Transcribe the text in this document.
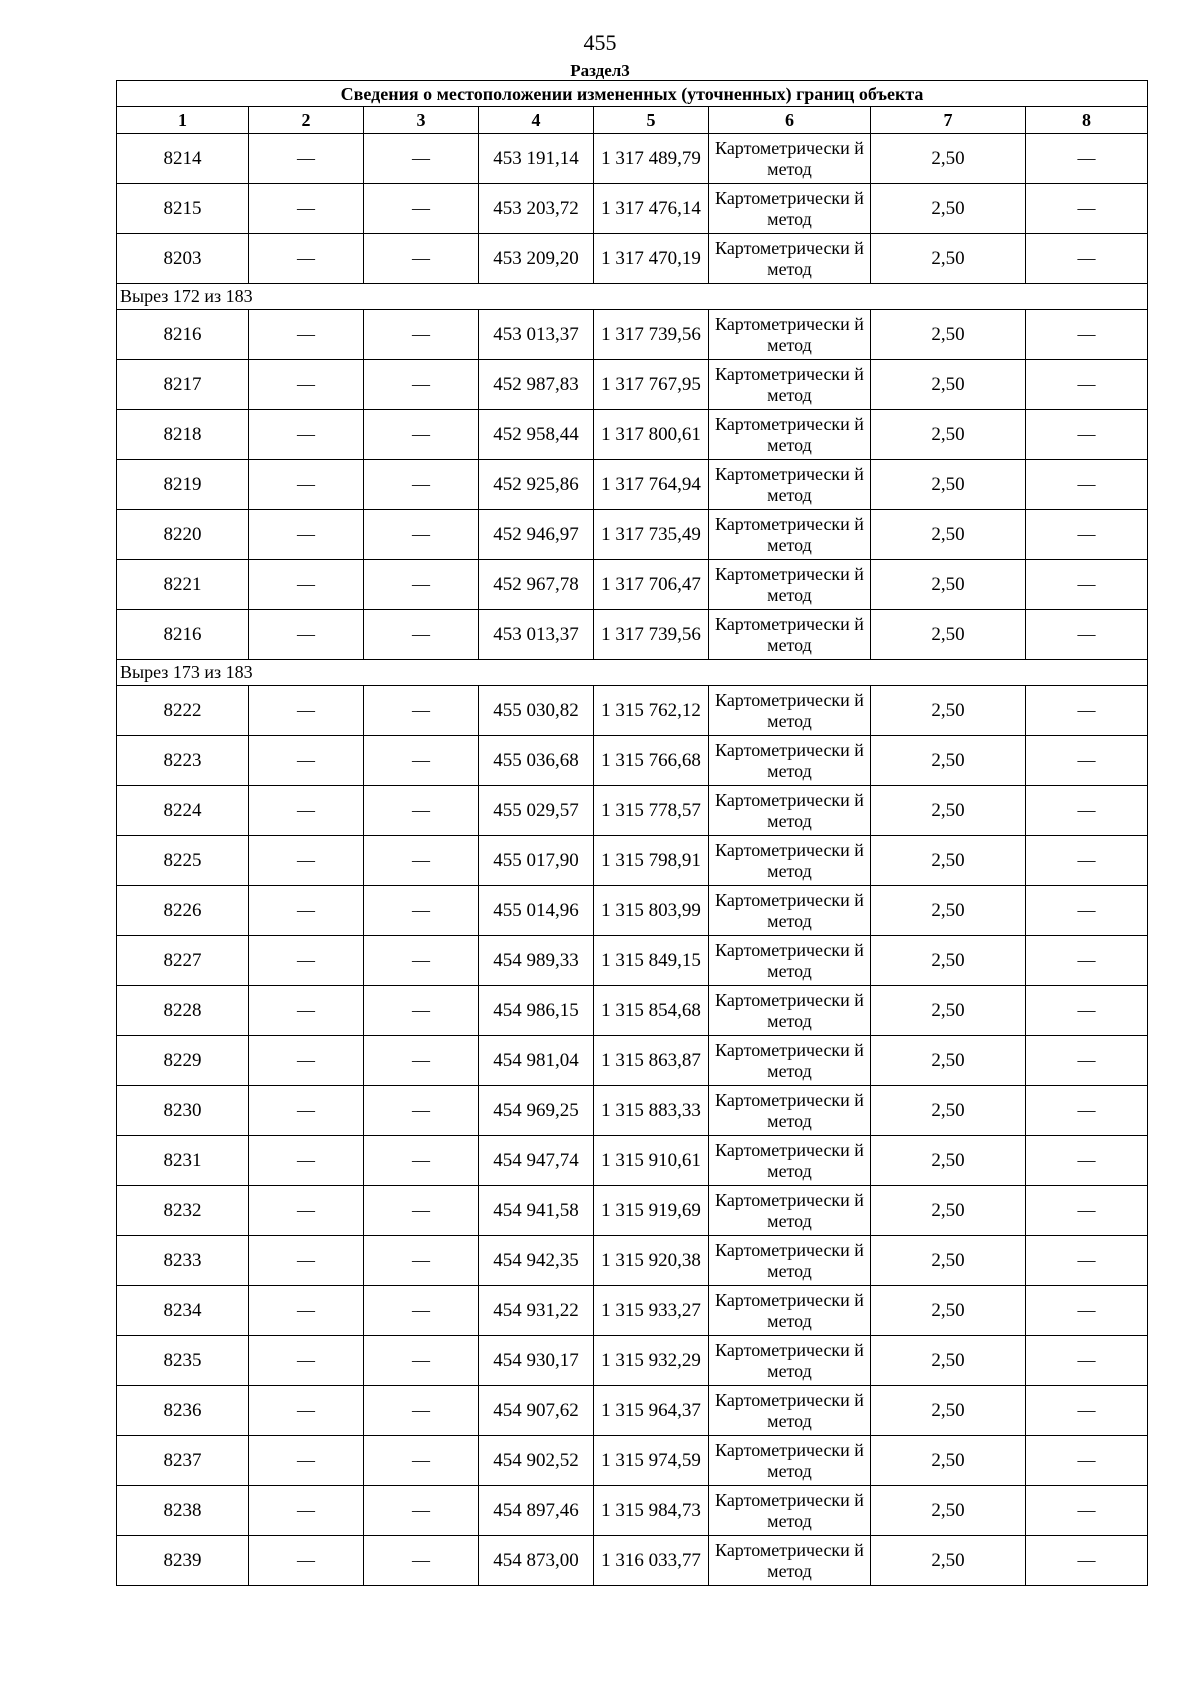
455
Раздел3
Сведения о местоположении измененных (уточненных) границ объекта							
1	2	3	4	5	6	7	8
8214	—	—	453 191,14	1 317 489,79	Картометрически й метод	2,50	—
8215	—	—	453 203,72	1 317 476,14	Картометрически й метод	2,50	—
8203	—	—	453 209,20	1 317 470,19	Картометрически й метод	2,50	—
Вырез 172 из 183							
8216	—	—	453 013,37	1 317 739,56	Картометрически й метод	2,50	—
8217	—	—	452 987,83	1 317 767,95	Картометрически й метод	2,50	—
8218	—	—	452 958,44	1 317 800,61	Картометрически й метод	2,50	—
8219	—	—	452 925,86	1 317 764,94	Картометрически й метод	2,50	—
8220	—	—	452 946,97	1 317 735,49	Картометрически й метод	2,50	—
8221	—	—	452 967,78	1 317 706,47	Картометрически й метод	2,50	—
8216	—	—	453 013,37	1 317 739,56	Картометрически й метод	2,50	—
Вырез 173 из 183							
8222	—	—	455 030,82	1 315 762,12	Картометрически й метод	2,50	—
8223	—	—	455 036,68	1 315 766,68	Картометрически й метод	2,50	—
8224	—	—	455 029,57	1 315 778,57	Картометрически й метод	2,50	—
8225	—	—	455 017,90	1 315 798,91	Картометрически й метод	2,50	—
8226	—	—	455 014,96	1 315 803,99	Картометрически й метод	2,50	—
8227	—	—	454 989,33	1 315 849,15	Картометрически й метод	2,50	—
8228	—	—	454 986,15	1 315 854,68	Картометрически й метод	2,50	—
8229	—	—	454 981,04	1 315 863,87	Картометрически й метод	2,50	—
8230	—	—	454 969,25	1 315 883,33	Картометрически й метод	2,50	—
8231	—	—	454 947,74	1 315 910,61	Картометрически й метод	2,50	—
8232	—	—	454 941,58	1 315 919,69	Картометрически й метод	2,50	—
8233	—	—	454 942,35	1 315 920,38	Картометрически й метод	2,50	—
8234	—	—	454 931,22	1 315 933,27	Картометрически й метод	2,50	—
8235	—	—	454 930,17	1 315 932,29	Картометрически й метод	2,50	—
8236	—	—	454 907,62	1 315 964,37	Картометрически й метод	2,50	—
8237	—	—	454 902,52	1 315 974,59	Картометрически й метод	2,50	—
8238	—	—	454 897,46	1 315 984,73	Картометрически й метод	2,50	—
8239	—	—	454 873,00	1 316 033,77	Картометрически й метод	2,50	—
